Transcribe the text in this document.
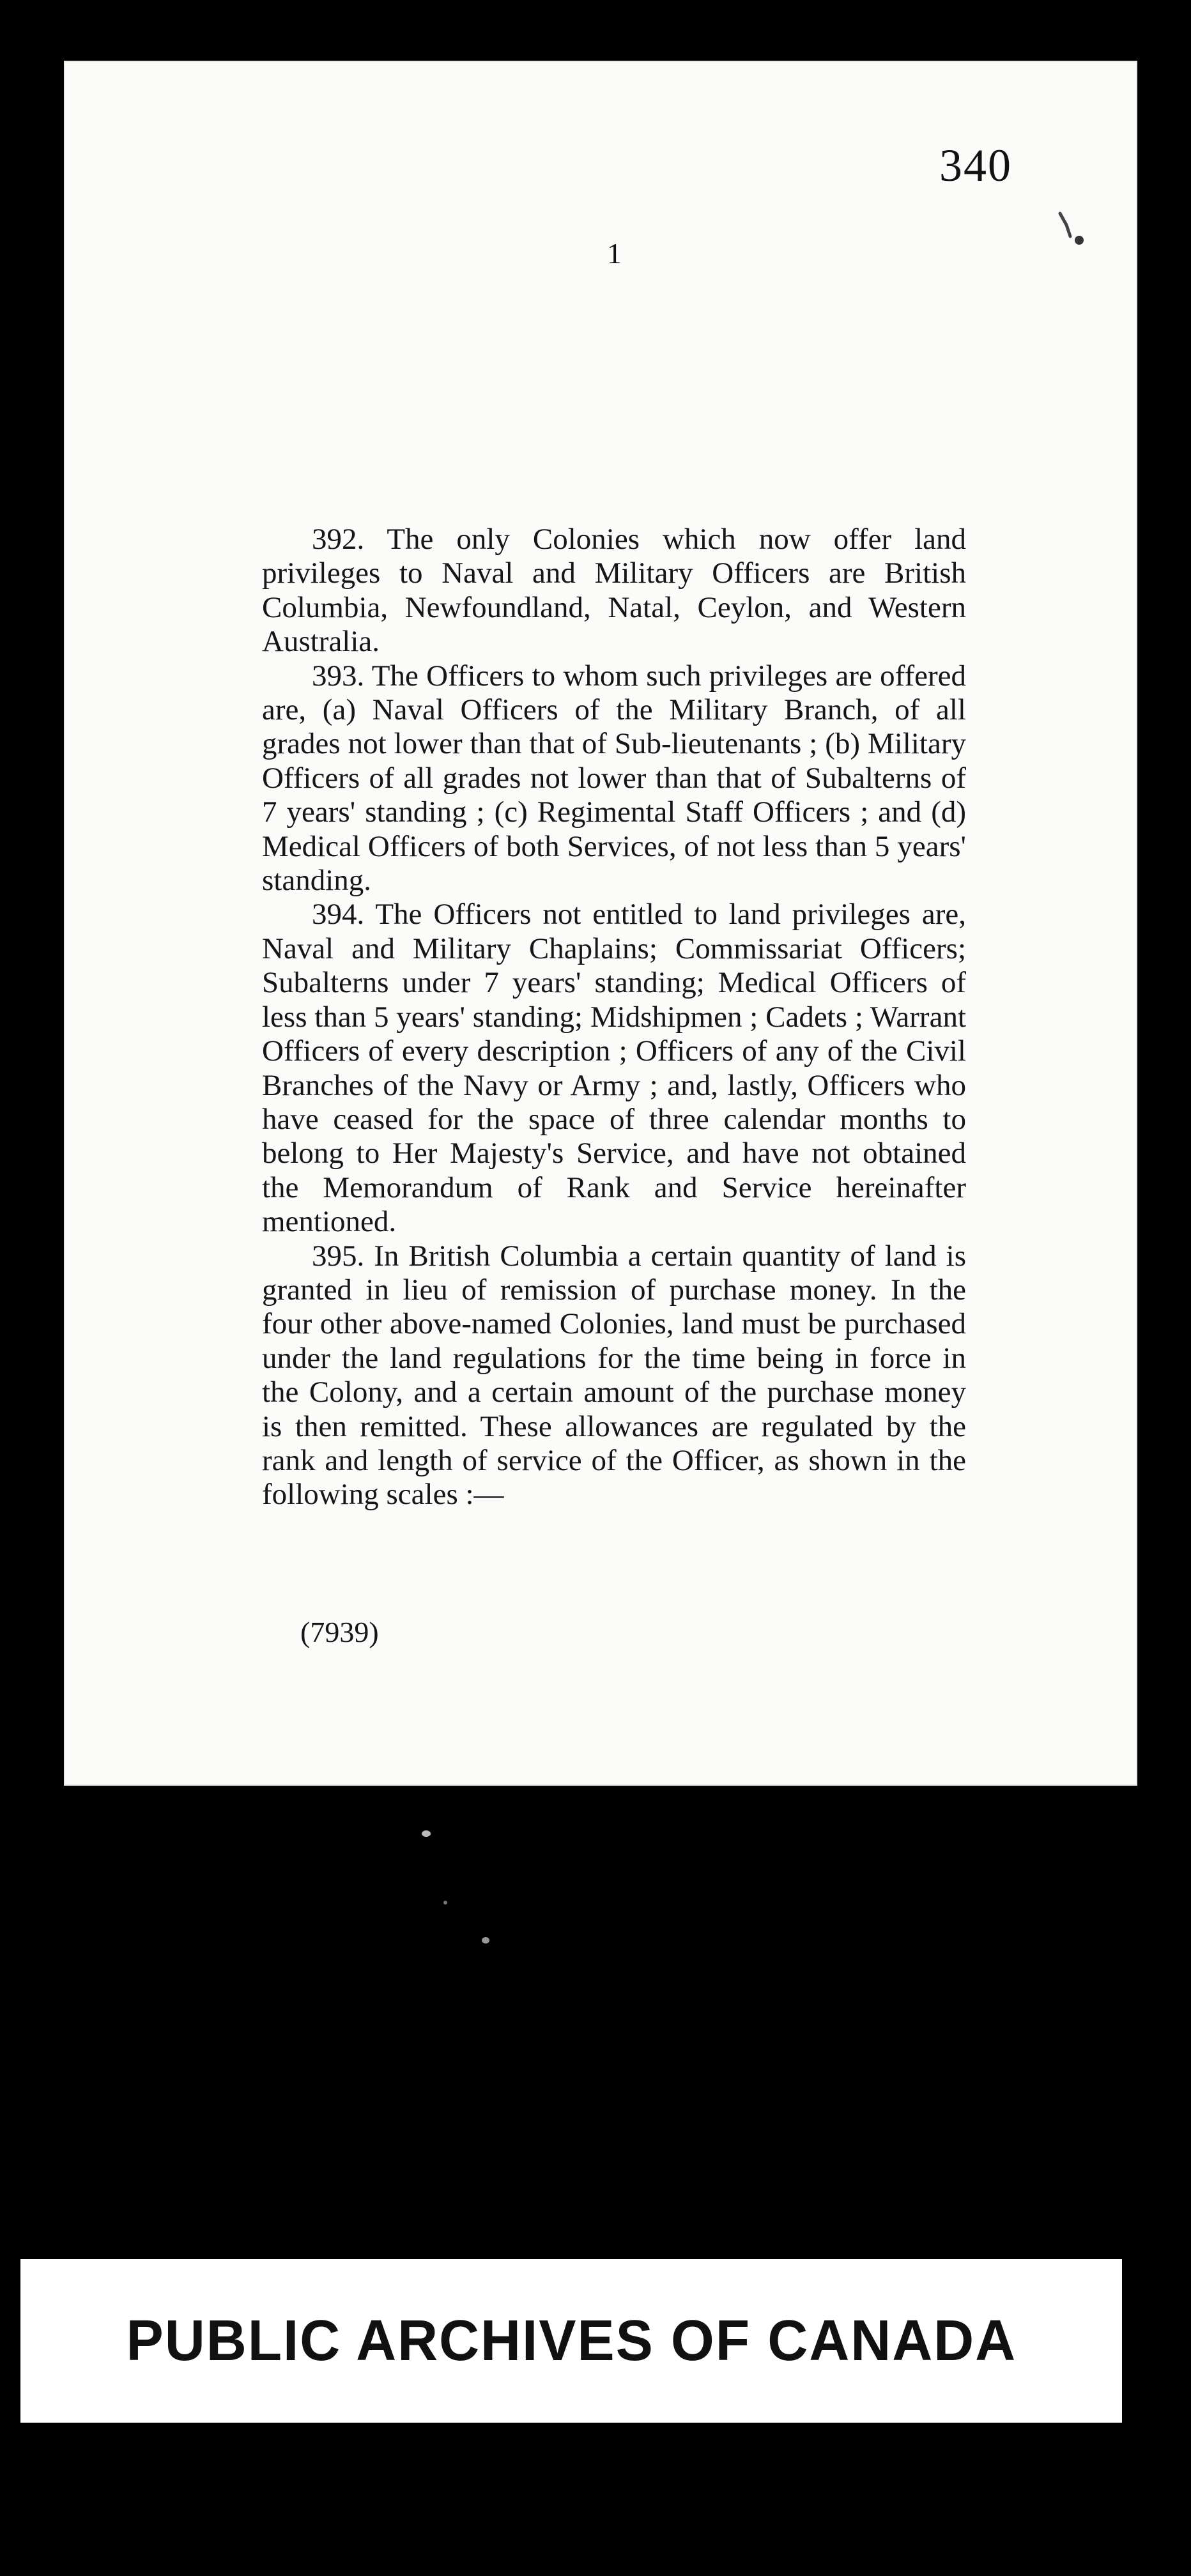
340
1

392. The only Colonies which now offer land privileges to Naval and Military Officers are British Columbia, Newfoundland, Natal, Ceylon, and Western Australia.

393. The Officers to whom such privileges are offered are, (a) Naval Officers of the Military Branch, of all grades not lower than that of Sub-lieutenants ; (b) Military Officers of all grades not lower than that of Subalterns of 7 years' standing ; (c) Regimental Staff Officers ; and (d) Medical Officers of both Services, of not less than 5 years' standing.

394. The Officers not entitled to land privileges are, Naval and Military Chaplains; Commissariat Officers; Subalterns under 7 years' standing; Medical Officers of less than 5 years' standing; Midshipmen ; Cadets ; Warrant Officers of every description ; Officers of any of the Civil Branches of the Navy or Army ; and, lastly, Officers who have ceased for the space of three calendar months to belong to Her Majesty's Service, and have not obtained the Memorandum of Rank and Service hereinafter mentioned.

395. In British Columbia a certain quantity of land is granted in lieu of remission of purchase money. In the four other above-named Colonies, land must be purchased under the land regulations for the time being in force in the Colony, and a certain amount of the purchase money is then remitted. These allowances are regulated by the rank and length of service of the Officer, as shown in the following scales :—

(7939)
PUBLIC ARCHIVES OF CANADA
